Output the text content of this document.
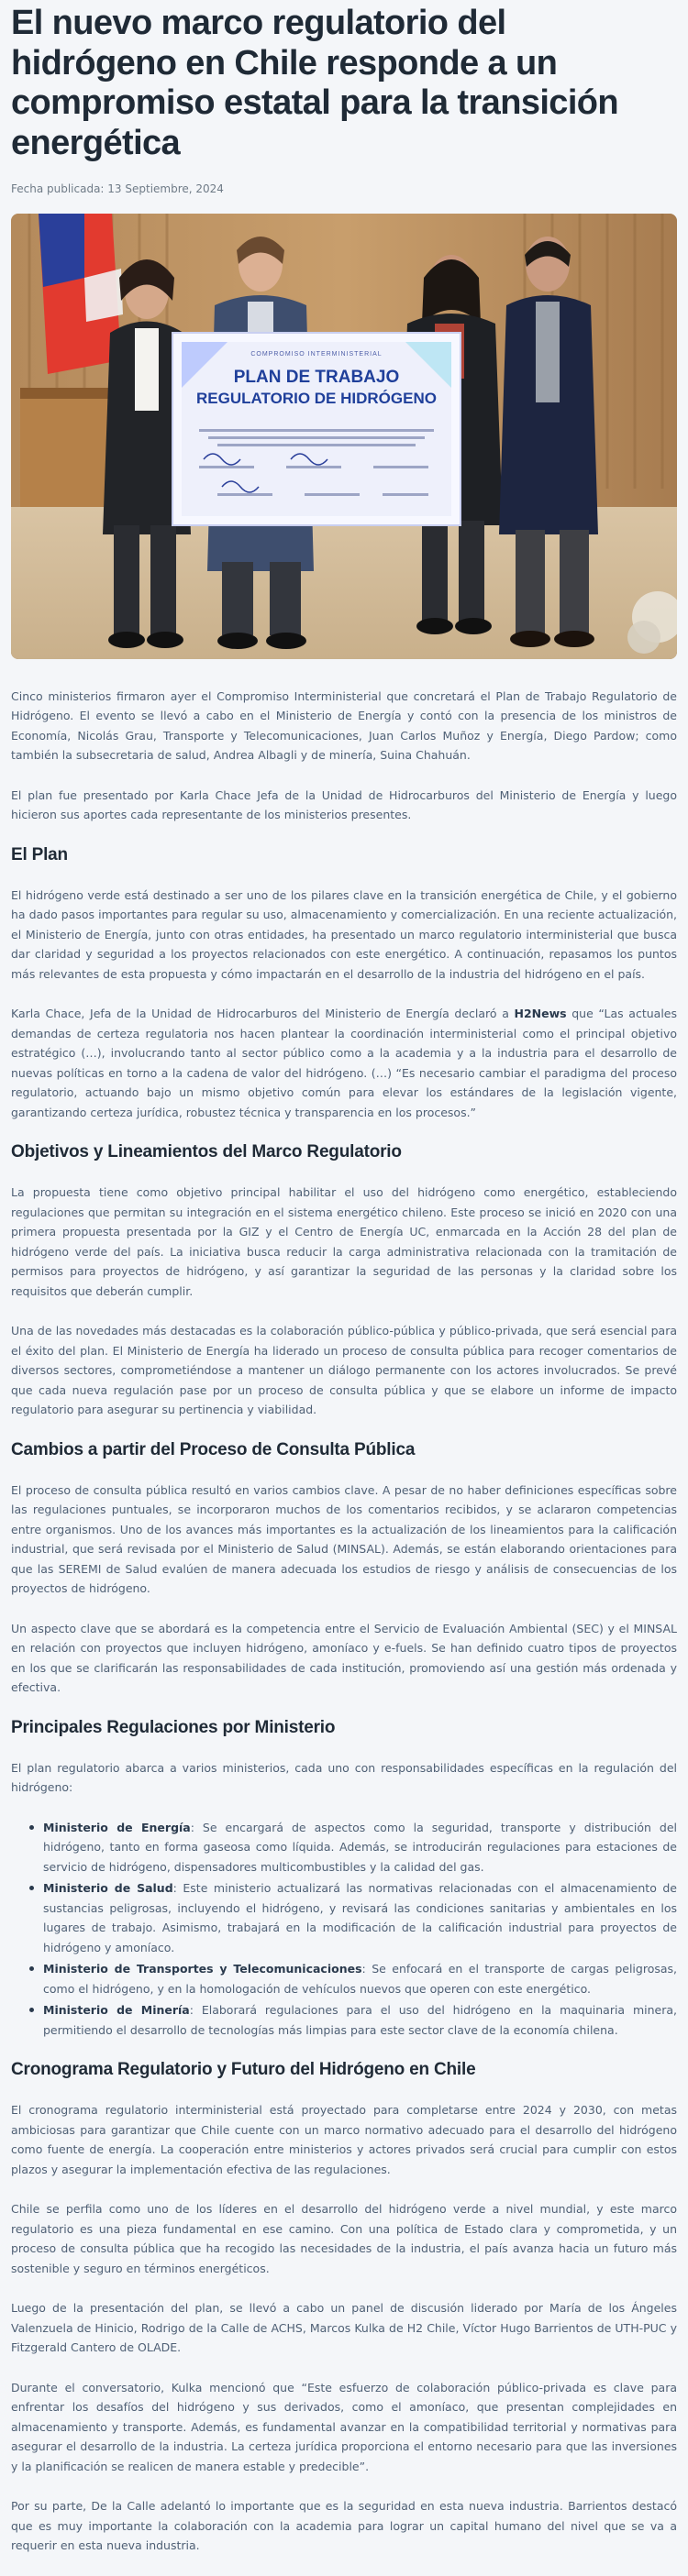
El nuevo marco regulatorio del hidrógeno en Chile responde a un compromiso estatal para la transición energética
Fecha publicada: 13 Septiembre, 2024
COMPROMISO INTERMINISTERIAL
PLAN DE TRABAJO
REGULATORIO DE HIDRÓGENO

Cinco ministerios firmaron ayer el Compromiso Interministerial que concretará el Plan de Trabajo Regulatorio de Hidrógeno. El evento se llevó a cabo en el Ministerio de Energía y contó con la presencia de los ministros de Economía, Nicolás Grau, Transporte y Telecomunicaciones, Juan Carlos Muñoz y Energía, Diego Pardow; como también la subsecretaria de salud, Andrea Albagli y de minería, Suina Chahuán.

El plan fue presentado por Karla Chace Jefa de la Unidad de Hidrocarburos del Ministerio de Energía y luego hicieron sus aportes cada representante de los ministerios presentes.

El Plan

El hidrógeno verde está destinado a ser uno de los pilares clave en la transición energética de Chile, y el gobierno ha dado pasos importantes para regular su uso, almacenamiento y comercialización. En una reciente actualización, el Ministerio de Energía, junto con otras entidades, ha presentado un marco regulatorio interministerial que busca dar claridad y seguridad a los proyectos relacionados con este energético. A continuación, repasamos los puntos más relevantes de esta propuesta y cómo impactarán en el desarrollo de la industria del hidrógeno en el país.

Karla Chace, Jefa de la Unidad de Hidrocarburos del Ministerio de Energía declaró a H2News que “Las actuales demandas de certeza regulatoria nos hacen plantear la coordinación interministerial como el principal objetivo estratégico (…), involucrando tanto al sector público como a la academia y a la industria para el desarrollo de nuevas políticas en torno a la cadena de valor del hidrógeno. (…) “Es necesario cambiar el paradigma del proceso regulatorio, actuando bajo un mismo objetivo común para elevar los estándares de la legislación vigente, garantizando certeza jurídica, robustez técnica y transparencia en los procesos.”

Objetivos y Lineamientos del Marco Regulatorio

La propuesta tiene como objetivo principal habilitar el uso del hidrógeno como energético, estableciendo regulaciones que permitan su integración en el sistema energético chileno. Este proceso se inició en 2020 con una primera propuesta presentada por la GIZ y el Centro de Energía UC, enmarcada en la Acción 28 del plan de hidrógeno verde del país. La iniciativa busca reducir la carga administrativa relacionada con la tramitación de permisos para proyectos de hidrógeno, y así garantizar la seguridad de las personas y la claridad sobre los requisitos que deberán cumplir.

Una de las novedades más destacadas es la colaboración público-pública y público-privada, que será esencial para el éxito del plan. El Ministerio de Energía ha liderado un proceso de consulta pública para recoger comentarios de diversos sectores, comprometiéndose a mantener un diálogo permanente con los actores involucrados. Se prevé que cada nueva regulación pase por un proceso de consulta pública y que se elabore un informe de impacto regulatorio para asegurar su pertinencia y viabilidad.

Cambios a partir del Proceso de Consulta Pública

El proceso de consulta pública resultó en varios cambios clave. A pesar de no haber definiciones específicas sobre las regulaciones puntuales, se incorporaron muchos de los comentarios recibidos, y se aclararon competencias entre organismos. Uno de los avances más importantes es la actualización de los lineamientos para la calificación industrial, que será revisada por el Ministerio de Salud (MINSAL). Además, se están elaborando orientaciones para que las SEREMI de Salud evalúen de manera adecuada los estudios de riesgo y análisis de consecuencias de los proyectos de hidrógeno.

Un aspecto clave que se abordará es la competencia entre el Servicio de Evaluación Ambiental (SEC) y el MINSAL en relación con proyectos que incluyen hidrógeno, amoníaco y e-fuels. Se han definido cuatro tipos de proyectos en los que se clarificarán las responsabilidades de cada institución, promoviendo así una gestión más ordenada y efectiva.

Principales Regulaciones por Ministerio

El plan regulatorio abarca a varios ministerios, cada uno con responsabilidades específicas en la regulación del hidrógeno:

Ministerio de Energía: Se encargará de aspectos como la seguridad, transporte y distribución del hidrógeno, tanto en forma gaseosa como líquida. Además, se introducirán regulaciones para estaciones de servicio de hidrógeno, dispensadores multicombustibles y la calidad del gas.
Ministerio de Salud: Este ministerio actualizará las normativas relacionadas con el almacenamiento de sustancias peligrosas, incluyendo el hidrógeno, y revisará las condiciones sanitarias y ambientales en los lugares de trabajo. Asimismo, trabajará en la modificación de la calificación industrial para proyectos de hidrógeno y amoníaco.
Ministerio de Transportes y Telecomunicaciones: Se enfocará en el transporte de cargas peligrosas, como el hidrógeno, y en la homologación de vehículos nuevos que operen con este energético.
Ministerio de Minería: Elaborará regulaciones para el uso del hidrógeno en la maquinaria minera, permitiendo el desarrollo de tecnologías más limpias para este sector clave de la economía chilena.
Cronograma Regulatorio y Futuro del Hidrógeno en Chile

El cronograma regulatorio interministerial está proyectado para completarse entre 2024 y 2030, con metas ambiciosas para garantizar que Chile cuente con un marco normativo adecuado para el desarrollo del hidrógeno como fuente de energía. La cooperación entre ministerios y actores privados será crucial para cumplir con estos plazos y asegurar la implementación efectiva de las regulaciones.

Chile se perfila como uno de los líderes en el desarrollo del hidrógeno verde a nivel mundial, y este marco regulatorio es una pieza fundamental en ese camino. Con una política de Estado clara y comprometida, y un proceso de consulta pública que ha recogido las necesidades de la industria, el país avanza hacia un futuro más sostenible y seguro en términos energéticos.

Luego de la presentación del plan, se llevó a cabo un panel de discusión liderado por María de los Ángeles Valenzuela de Hinicio, Rodrigo de la Calle de ACHS, Marcos Kulka de H2 Chile, Víctor Hugo Barrientos de UTH-PUC y Fitzgerald Cantero de OLADE.

Durante el conversatorio, Kulka mencionó que “Este esfuerzo de colaboración público-privada es clave para enfrentar los desafíos del hidrógeno y sus derivados, como el amoníaco, que presentan complejidades en almacenamiento y transporte. Además, es fundamental avanzar en la compatibilidad territorial y normativas para asegurar el desarrollo de la industria. La certeza jurídica proporciona el entorno necesario para que las inversiones y la planificación se realicen de manera estable y predecible”.

Por su parte, De la Calle adelantó lo importante que es la seguridad en esta nueva industria. Barrientos destacó que es muy importante la colaboración con la academia para lograr un capital humano del nivel que se va a requerir en esta nueva industria.
